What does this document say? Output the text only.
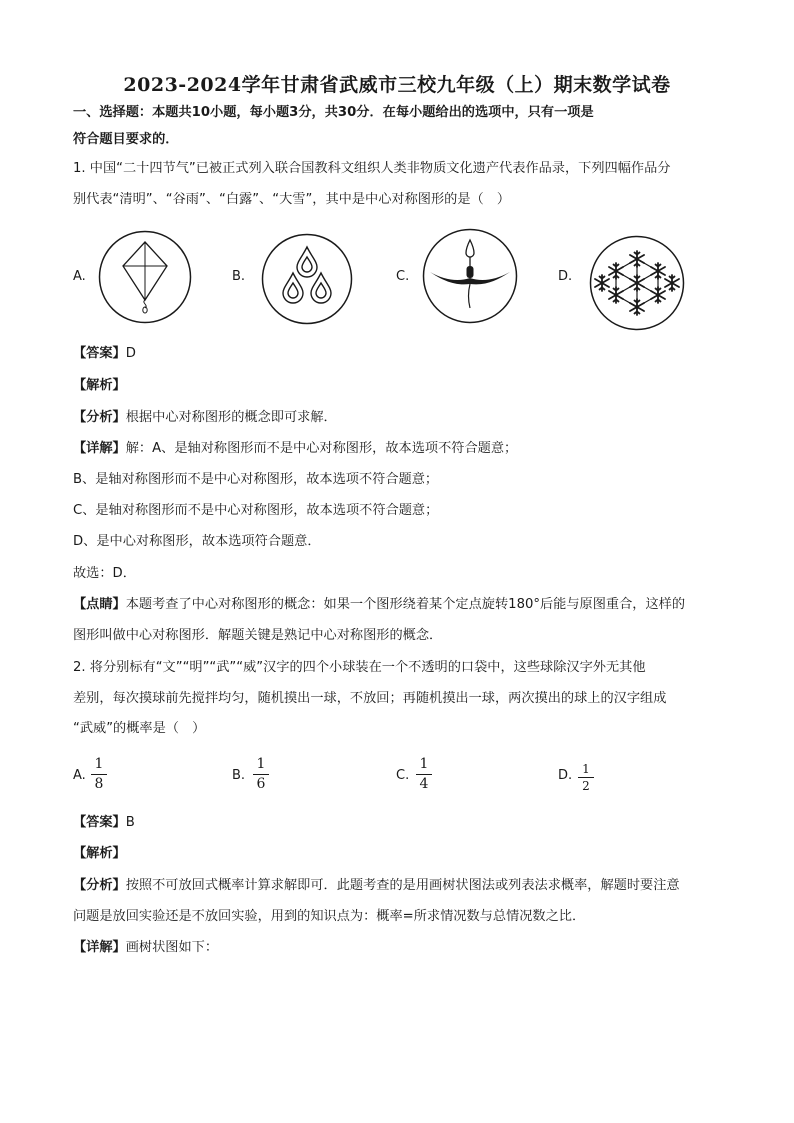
2023-2024学年甘肃省武威市三校九年级（上）期末数学试卷
一、选择题：本题共10小题，每小题3分，共30分．在每小题给出的选项中，只有一项是
符合题目要求的．
1. 中国“二十四节气”已被正式列入联合国教科文组织人类非物质文化遗产代表作品录，下列四幅作品分
别代表“清明”、“谷雨”、“白露”、“大雪”，其中是中心对称图形的是（　）
A.	B.	C.	D.
【答案】D
【解析】
【分析】根据中心对称图形的概念即可求解．
【详解】解：A、是轴对称图形而不是中心对称图形，故本选项不符合题意；
B、是轴对称图形而不是中心对称图形，故本选项不符合题意；
C、是轴对称图形而不是中心对称图形，故本选项不符合题意；
D、是中心对称图形，故本选项符合题意．
故选：D．
【点睛】本题考查了中心对称图形的概念：如果一个图形绕着某个定点旋转180°后能与原图重合，这样的
图形叫做中心对称图形．解题关键是熟记中心对称图形的概念．
2. 将分别标有“文”“明”“武”“威”汉字的四个小球装在一个不透明的口袋中，这些球除汉字外无其他
差别，每次摸球前先搅拌均匀，随机摸出一球，不放回；再随机摸出一球，两次摸出的球上的汉字组成
“武威”的概率是（　）
A.
1
8
B.
1
6
C.
1
4
D. 1
2
【答案】B
【解析】
【分析】按照不可放回式概率计算求解即可．此题考查的是用画树状图法或列表法求概率，解题时要注意
问题是放回实验还是不放回实验，用到的知识点为：概率=所求情况数与总情况数之比．
【详解】画树状图如下：
